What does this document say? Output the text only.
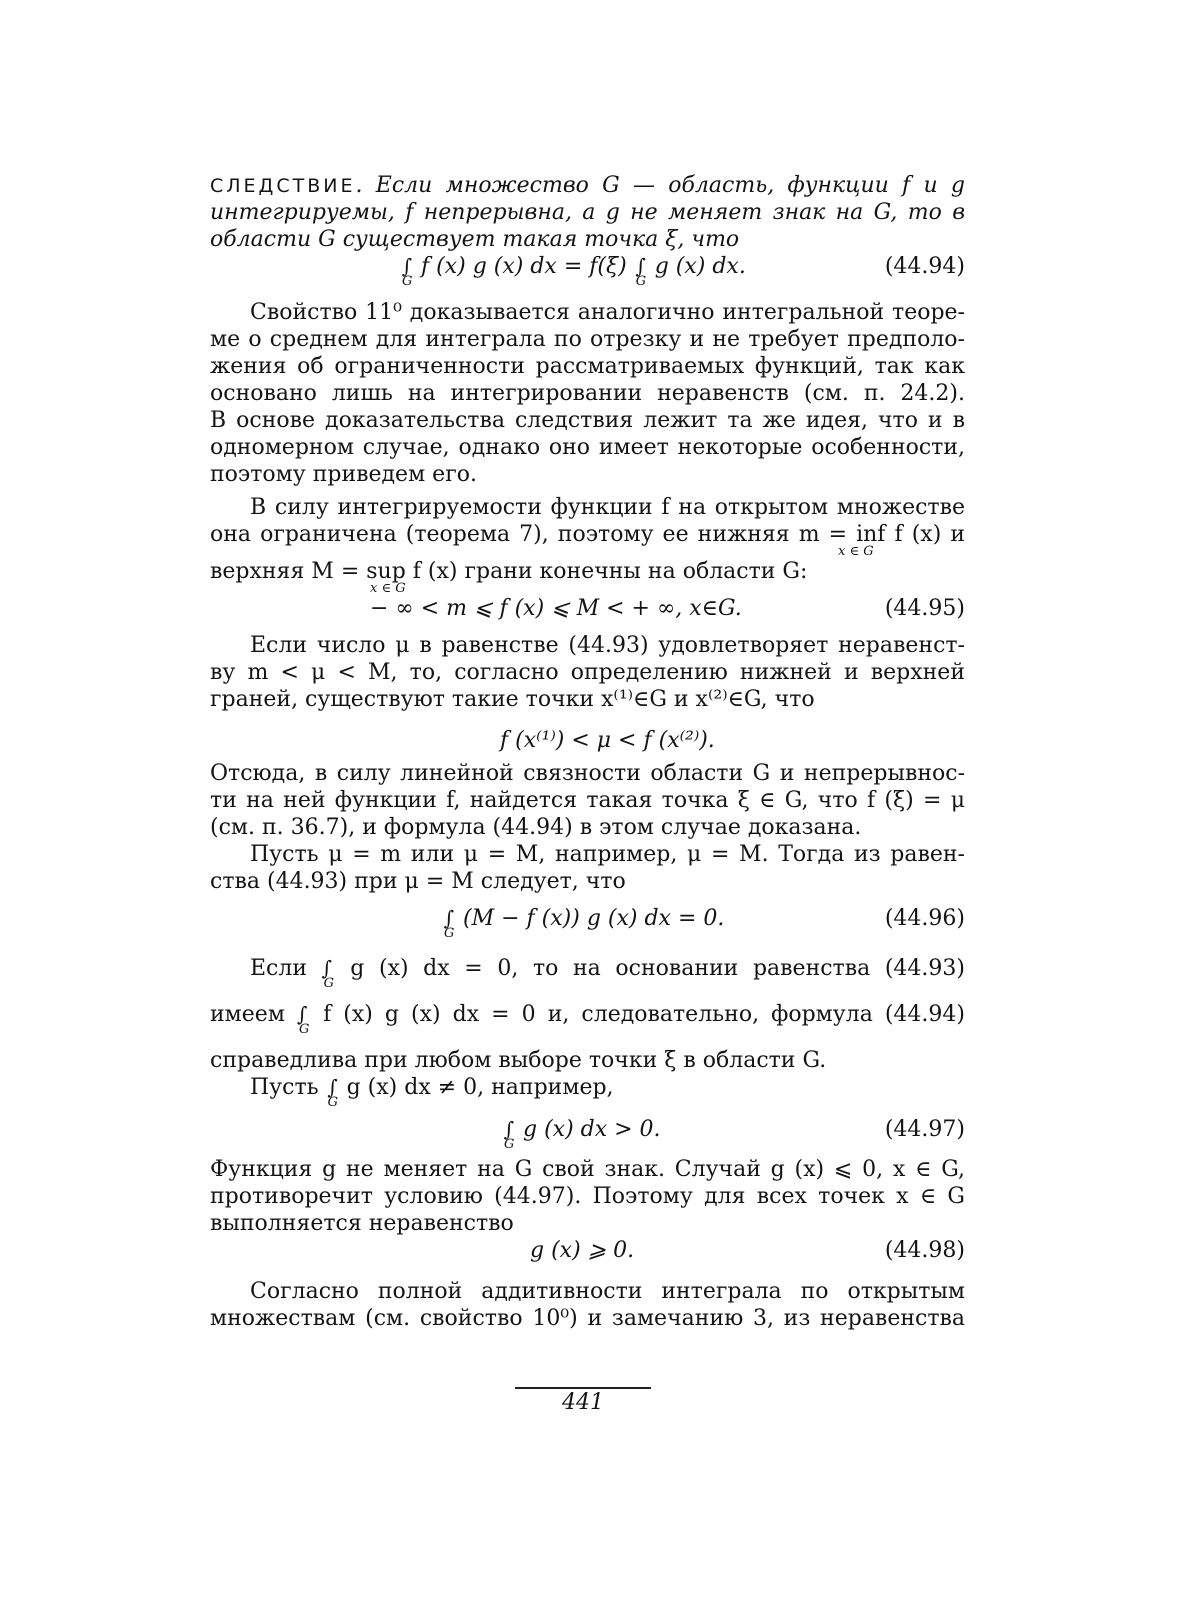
СЛЕДСТВИЕ. Если множество G — область, функции f и g
интегрируемы, f непрерывна, а g не меняет знак на G, то в
области G существует такая точка ξ, что
∫
G
f (x) g (x) dx = f(ξ) ∫
G
g (x) dx.	(44.94)
Свойство 11⁰ доказывается аналогично интегральной теоре-
ме о среднем для интеграла по отрезку и не требует предполо-
жения об ограниченности рассматриваемых функций, так как
основано лишь на интегрировании неравенств (см. п. 24.2).
В основе доказательства следствия лежит та же идея, что и в
одномерном случае, однако оно имеет некоторые особенности,
поэтому приведем его.
В силу интегрируемости функции f на открытом множестве
она ограничена (теорема 7), поэтому ее нижняя m = inf f (x) и
x ∈ G
верхняя M = sup f (x) грани конечны на области G:
x ∈ G
− ∞ < m ⩽ f (x) ⩽ M < + ∞, x∈G.	(44.95)
Если число μ в равенстве (44.93) удовлетворяет неравенст-
ву m < μ < M, то, согласно определению нижней и верхней
граней, существуют такие точки x⁽¹⁾∈G и x⁽²⁾∈G, что
f (x⁽¹⁾) < μ < f (x⁽²⁾).
Отсюда, в силу линейной связности области G и непрерывнос-
ти на ней функции f, найдется такая точка ξ ∈ G, что f (ξ) = μ
(см. п. 36.7), и формула (44.94) в этом случае доказана.
Пусть μ = m или μ = M, например, μ = M. Тогда из равен-
ства (44.93) при μ = M следует, что
∫
G
(M − f (x)) g (x) dx = 0.	(44.96)
Если ∫
G
g (x) dx = 0, то на основании равенства (44.93)
имеем ∫
G
f (x) g (x) dx = 0 и, следовательно, формула (44.94)
справедлива при любом выборе точки ξ в области G.
Пусть ∫
G
g (x) dx ≠ 0, например,
∫
G
g (x) dx > 0.	(44.97)
Функция g не меняет на G свой знак. Случай g (x) ⩽ 0, x ∈ G,
противоречит условию (44.97). Поэтому для всех точек x ∈ G
выполняется неравенство
g (x) ⩾ 0.	(44.98)
Согласно полной аддитивности интеграла по открытым
множествам (см. свойство 10⁰) и замечанию 3, из неравенства
441
